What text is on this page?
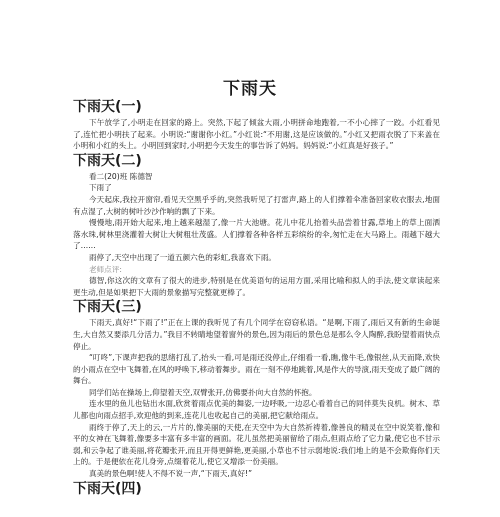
下雨天
下雨天(一)

下午放学了,小明走在回家的路上。突然,下起了倾盆大雨,小明拼命地跑着,一不小心摔了一跤。小红看见了,连忙把小明扶了起来。小明说:“谢谢你小红。”小红说:“不用谢,这是应该做的。”小红又把雨衣脱了下来盖在小明和小红的头上。小明回到家时,小明把今天发生的事告诉了妈妈。妈妈说:“小红真是好孩子。”

下雨天(二)

看二(20)班 陈德智

下雨了

今天起床,我拉开窗帘,看见天空黑乎乎的,突然我听见了打雷声,路上的人们撑着伞准备回家收衣服去,地面有点湿了,大树的树叶沙沙作响的飘了下来。

慢慢地,雨开始大起来,地上越来越湿了,像一片大池塘。花儿中花儿抬着头品尝着甘露,草地上的草上面洒落水珠,树林里浇灌着大树让大树粗壮茂盛。人们撑着各种各样五彩缤纷的伞,匆忙走在大马路上。雨越下越大了……

雨停了,天空中出现了一道五颜六色的彩虹,我喜欢下雨。

老师点评:

德智,你这次的文章有了很大的进步,特别是在优美语句的运用方面,采用比喻和拟人的手法,使文章读起来更生动,但是如果把下大雨的景象描写完整就更棒了。

下雨天(三)

下雨天,真好!“下雨了!”正在上课的我听见了有几个同学在窃窃私语。“是啊,下雨了,雨后又有新的生命诞生,大自然又要添几分活力。”我目不转睛地望着窗外的景色,因为雨后的景色总是那么令人陶醉,我盼望着雨快点停止。

“叮咚”,下课声把我的思绪打乱了,抬头一看,可是雨还没停止,仔细看一看,瞧,像牛毛,像银丝,从天而降,欢快的小雨点在空中飞舞着,在风的呼唤下,移动着舞步。雨在一刻不停地跳着,风是作大的导演,雨天变成了最广阔的舞台。

同学们站在操场上,仰望着天空,双臂张开,仿佛要扑向大自然的怀抱。

连水里的鱼儿也钻出水面,欣赏着雨点优美的舞姿,一边呼吸,一边忍心看着自己的同伴莫失良机。树木、草儿都也向雨点招手,欢迎他的到来,连花儿也收起自己的美丽,把它献给雨点。

雨终于停了,天上的云,一片片的,像美丽的天使,在天空中为大自然祈祷着,像善良的精灵在空中说笑着,像和平的女神在飞舞着,像要多丰富有多丰富的画面。花儿虽然把美丽留给了雨点,但雨点给了它力量,使它也不甘示弱,和云争起了谁美丽,将花瓣张开,而且开得更鲜艳,更美丽,小草也不甘示弱地说:我们地上的是不会欺侮你们天上的。于是便依在花儿身旁,点缀着花儿,使它又增添一份美丽。

真美的景色啊!使人不得不说一声,“下雨天,真好!”

下雨天(四)
